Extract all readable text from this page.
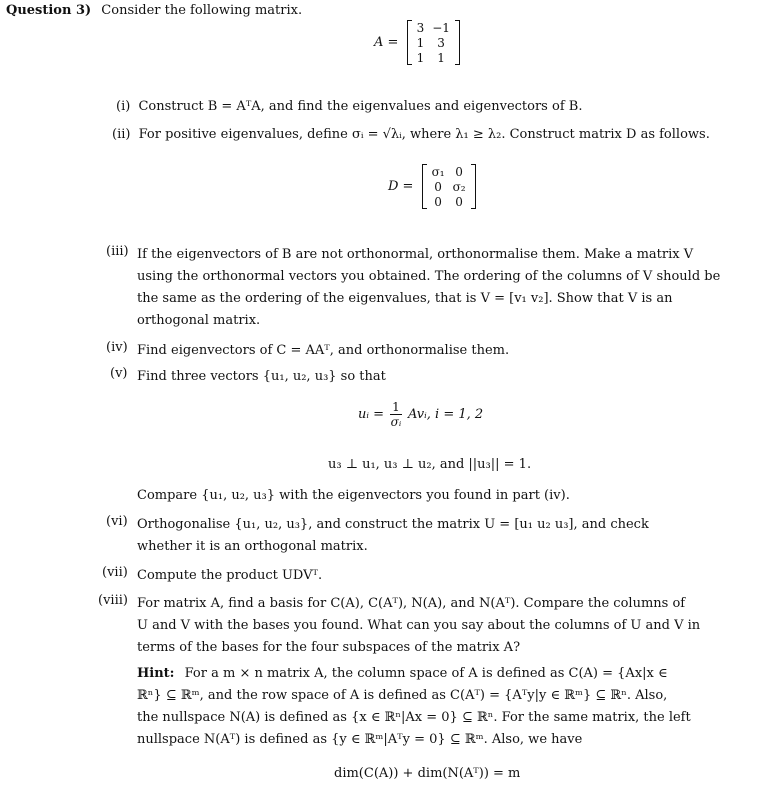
Question 3) Consider the following matrix.
A =
3	−1
1	3
1	1
(i) Construct B = AᵀA, and find the eigenvalues and eigenvectors of B.
(ii) For positive eigenvalues, define σᵢ = √λᵢ, where λ₁ ≥ λ₂. Construct matrix D as follows.
D =
σ₁	0
0	σ₂
0	0
(iii) If the eigenvectors of B are not orthonormal, orthonormalise them. Make a matrix V
using the orthonormal vectors you obtained. The ordering of the columns of V should be
the same as the ordering of the eigenvalues, that is V = [v₁ v₂]. Show that V is an
orthogonal matrix.
(iv) Find eigenvectors of C = AAᵀ, and orthonormalise them.
(v) Find three vectors {u₁, u₂, u₃} so that
uᵢ = $\frac{1}{\text{σᵢ}}$ Avᵢ, i = 1, 2
u₃ ⊥ u₁, u₃ ⊥ u₂, and ||u₃|| = 1.
Compare {u₁, u₂, u₃} with the eigenvectors you found in part (iv).
(vi) Orthogonalise {u₁, u₂, u₃}, and construct the matrix U = [u₁ u₂ u₃], and check
whether it is an orthogonal matrix.
(vii) Compute the product UDVᵀ.
(viii) For matrix A, find a basis for C(A), C(Aᵀ), N(A), and N(Aᵀ). Compare the columns of
U and V with the bases you found. What can you say about the columns of U and V in
terms of the bases for the four subspaces of the matrix A?
Hint: For a m × n matrix A, the column space of A is defined as C(A) = {Ax|x ∈
ℝⁿ} ⊆ ℝᵐ, and the row space of A is defined as C(Aᵀ) = {Aᵀy|y ∈ ℝᵐ} ⊆ ℝⁿ. Also,
the nullspace N(A) is defined as {x ∈ ℝⁿ|Ax = 0} ⊆ ℝⁿ. For the same matrix, the left
nullspace N(Aᵀ) is defined as {y ∈ ℝᵐ|Aᵀy = 0} ⊆ ℝᵐ. Also, we have
dim(C(A)) + dim(N(Aᵀ)) = m
